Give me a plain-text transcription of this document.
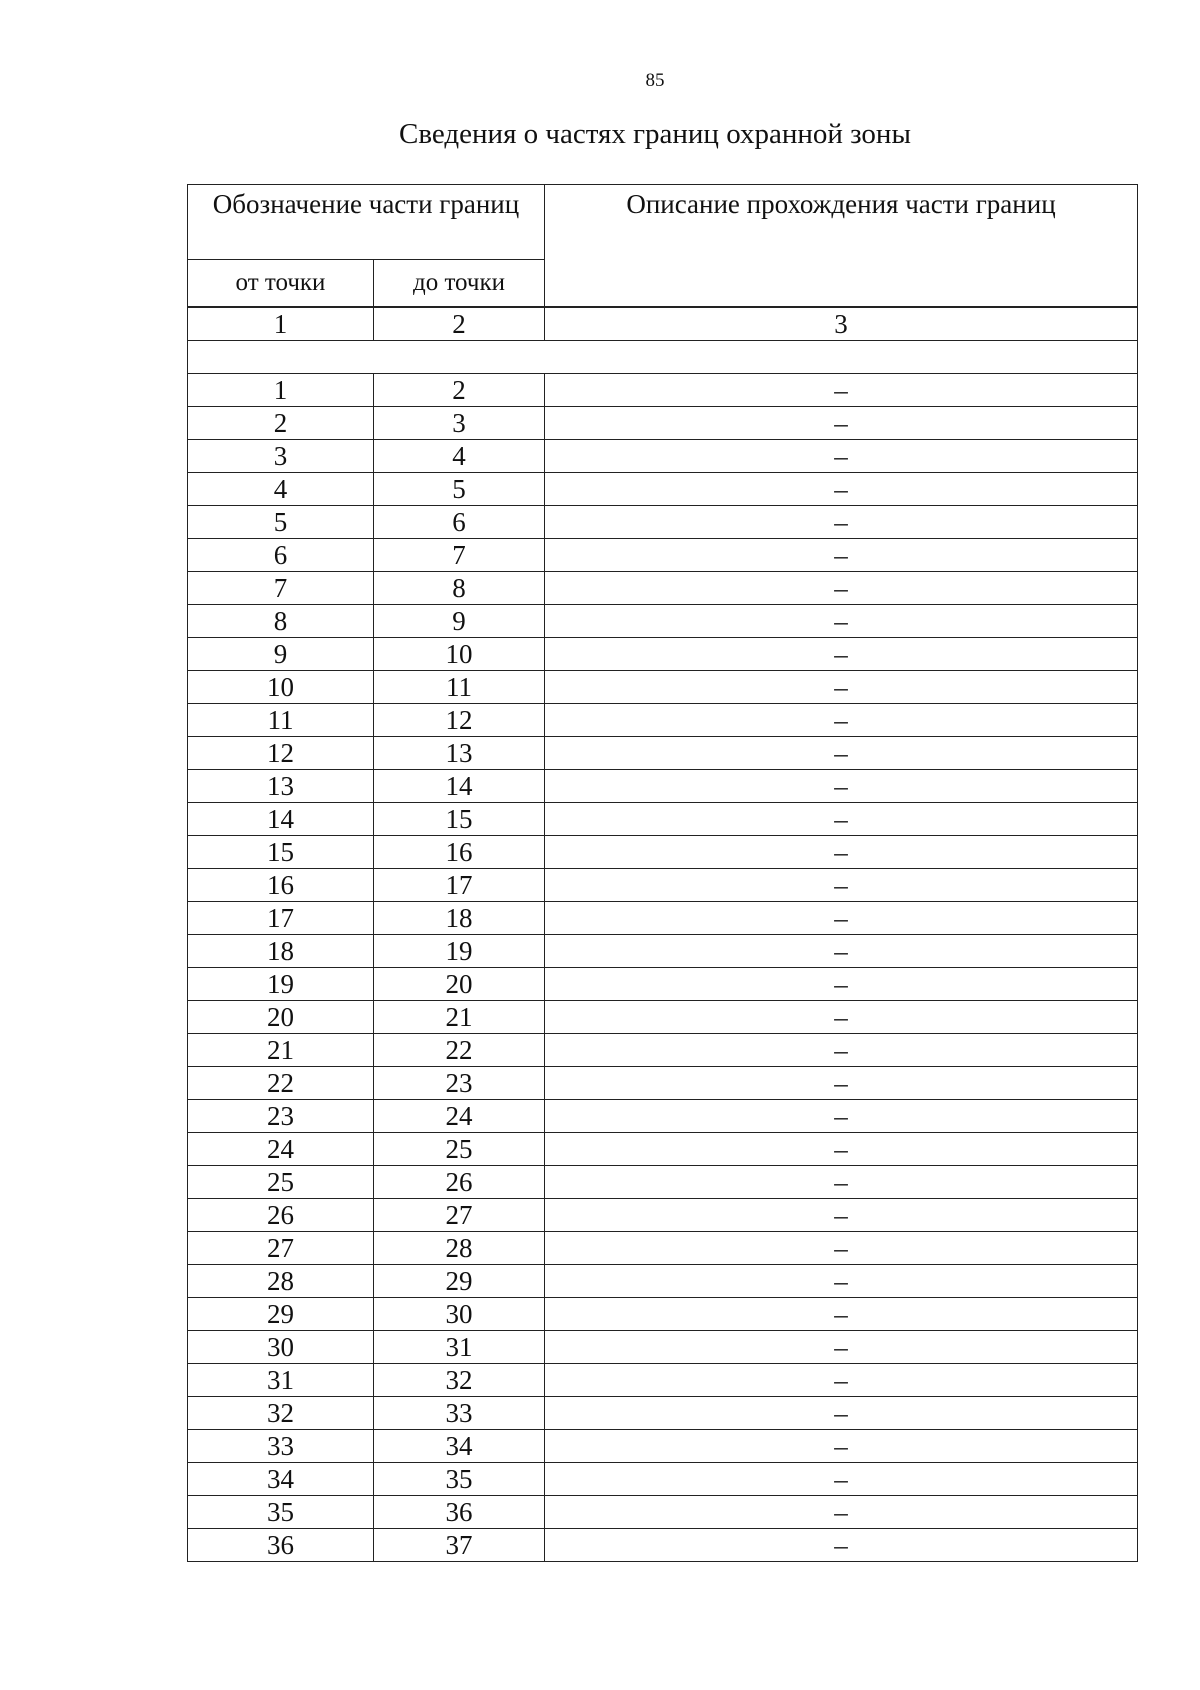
85
Сведения о частях границ охранной зоны
Обозначение части границ		Описание прохождения части границ
от точки	до точки	
1	2	3

1	2	–
2	3	–
3	4	–
4	5	–
5	6	–
6	7	–
7	8	–
8	9	–
9	10	–
10	11	–
11	12	–
12	13	–
13	14	–
14	15	–
15	16	–
16	17	–
17	18	–
18	19	–
19	20	–
20	21	–
21	22	–
22	23	–
23	24	–
24	25	–
25	26	–
26	27	–
27	28	–
28	29	–
29	30	–
30	31	–
31	32	–
32	33	–
33	34	–
34	35	–
35	36	–
36	37	–
